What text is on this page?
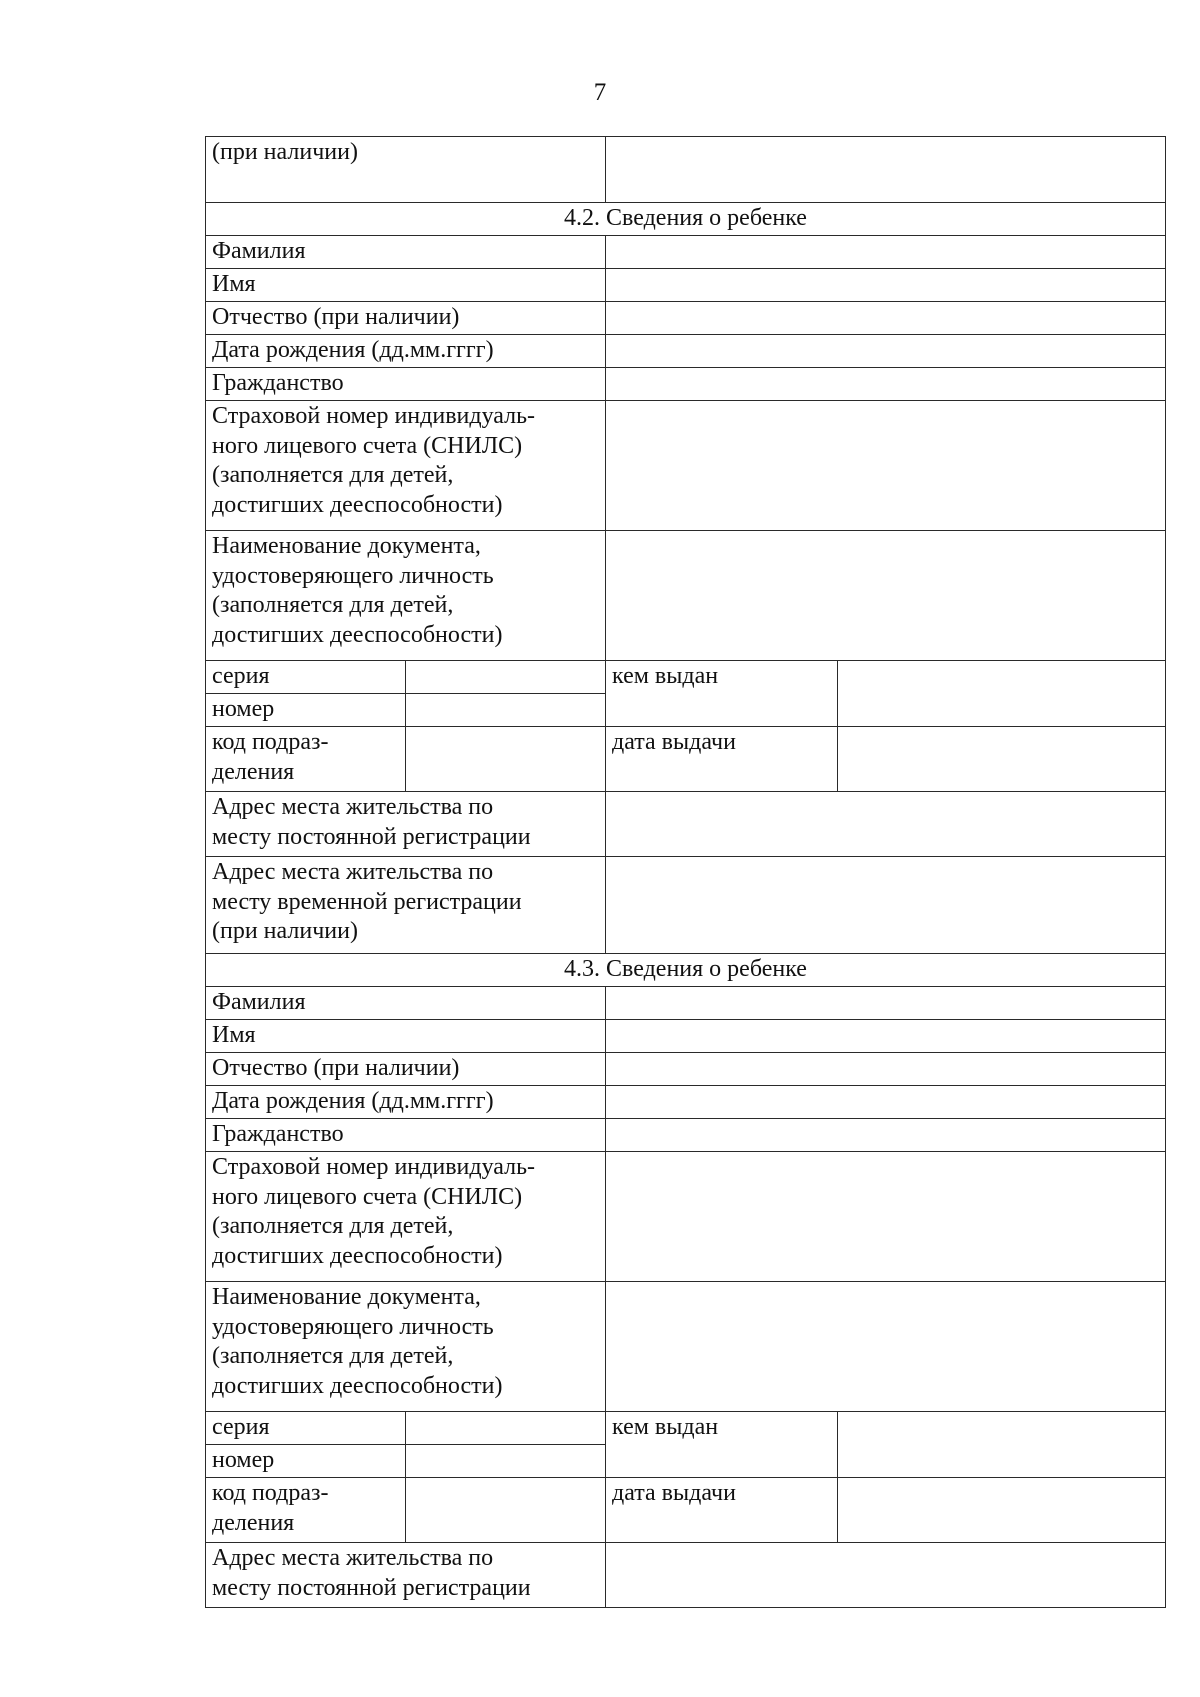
7
(при наличии)			
4.2. Сведения о ребенке			
Фамилия			
Имя			
Отчество (при наличии)			
Дата рождения (дд.мм.гггг)			
Гражданство			

Страховой номер индивидуаль-
ного лицевого счета (СНИЛС)
(заполняется для детей,
достигших дееспособности)			

Наименование документа,
удостоверяющего личность
(заполняется для детей,
достигших дееспособности)			

серия		кем выдан	
номер			

код подраз-
деления		дата выдачи	

Адрес места жительства по
месту постоянной регистрации			

Адрес места жительства по
месту временной регистрации
(при наличии)			

4.3. Сведения о ребенке			
Фамилия			
Имя			
Отчество (при наличии)			
Дата рождения (дд.мм.гггг)			
Гражданство			

Страховой номер индивидуаль-
ного лицевого счета (СНИЛС)
(заполняется для детей,
достигших дееспособности)			

Наименование документа,
удостоверяющего личность
(заполняется для детей,
достигших дееспособности)			

серия		кем выдан	
номер			

код подраз-
деления		дата выдачи	

Адрес места жительства по
месту постоянной регистрации			
